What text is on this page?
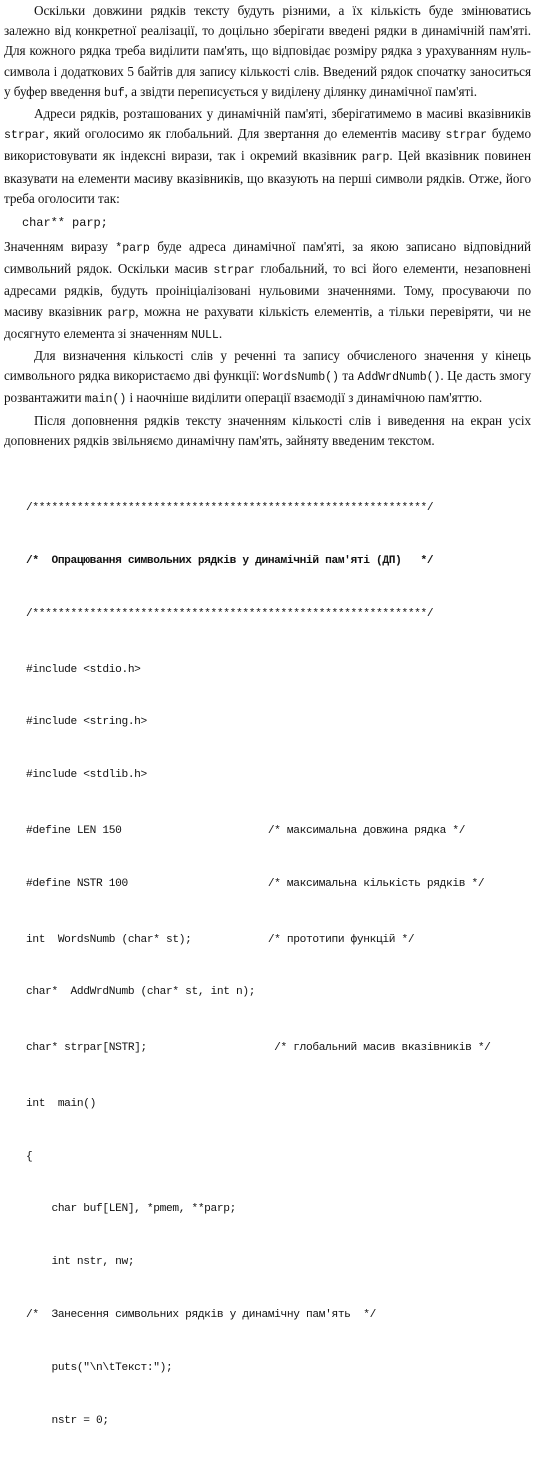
Оскільки довжини рядків тексту будуть різними, а їх кількість буде змінюватись залежно від конкретної реалізації, то доцільно зберігати введені рядки в динамічній пам'яті. Для кожного рядка треба виділити пам'ять, що відповідає розміру рядка з урахуванням нуль-символа і додаткових 5 байтів для запису кількості слів. Введений рядок спочатку заноситься у буфер введення buf, а звідти переписується у виділену ділянку динамічної пам'яті.

Адреси рядків, розташованих у динамічній пам'яті, зберігатимемо в масиві вказівників strpar, який оголосимо як глобальний. Для звертання до елементів масиву strpar будемо використовувати як індексні вирази, так і окремий вказівник parp. Цей вказівник повинен вказувати на елементи масиву вказівників, що вказують на перші символи рядків. Отже, його треба оголосити так:

char** parp;

Значенням виразу *parp буде адреса динамічної пам'яті, за якою записано відповідний символьний рядок. Оскільки масив strpar глобальний, то всі його елементи, незаповнені адресами рядків, будуть проініціалізовані нульовими значеннями. Тому, просуваючи по масиву вказівник parp, можна не рахувати кількість елементів, а тільки перевіряти, чи не досягнуто елемента зі значенням NULL.

Для визначення кількості слів у реченні та запису обчисленого значення у кінець символьного рядка використаємо дві функції: WordsNumb() та AddWrdNumb(). Це дасть змогу розвантажити main() і наочніше виділити операції взаємодії з динамічною пам'яттю.

Після доповнення рядків тексту значенням кількості слів і виведення на екран усіх доповнених рядків звільняємо динамічну пам'ять, зайняту введеним текстом.

/**************************************************************/

/*  Опрацювання символьних рядків у динамічній пам'яті (ДП)   */

/**************************************************************/

#include <stdio.h>

#include <string.h>

#include <stdlib.h>

#define LEN 150                       /* максимальна довжина рядка */

#define NSTR 100                      /* максимальна кількість рядків */

int  WordsNumb (char* st);            /* прототипи функцій */

char*  AddWrdNumb (char* st, int n);

char* strpar[NSTR];                    /* глобальний масив вказівників */

int  main()

{

char buf[LEN], *pmem, **parp;

int nstr, nw;

/*  Занесення символьних рядків у динамічну пам'ять  */

puts("\n\tТекст:");

nstr = 0;
